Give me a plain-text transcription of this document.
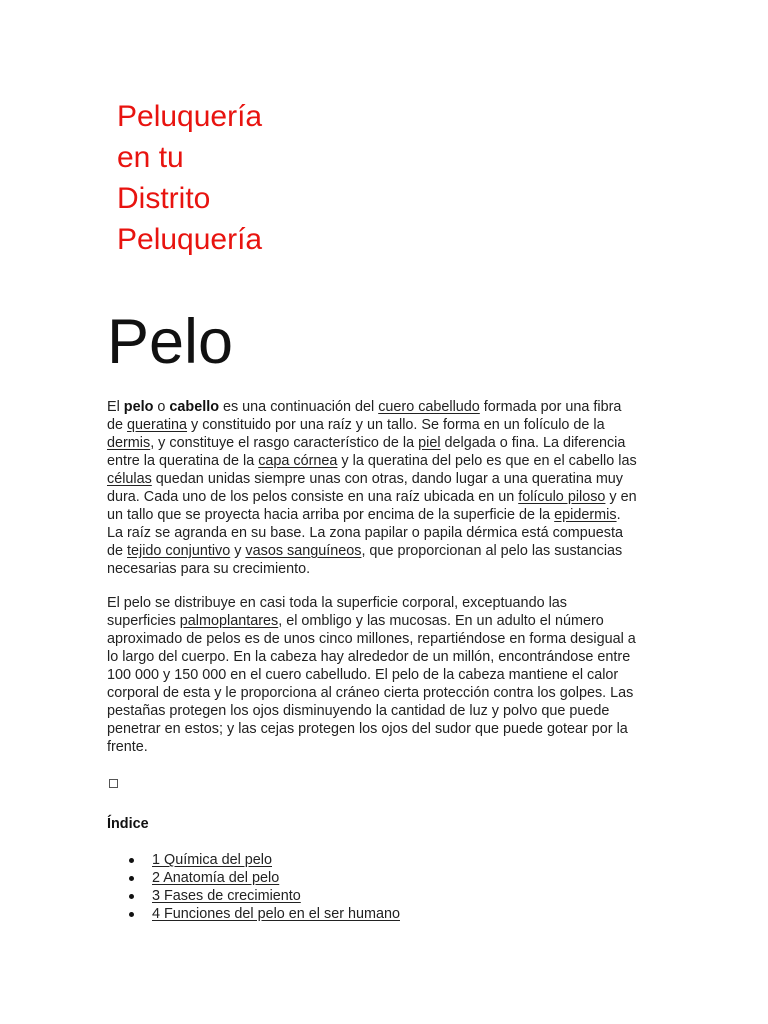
Peluquería
en tu
Distrito
Peluquería
Pelo
El pelo o cabello es una continuación del cuero cabelludo formada por una fibra
de queratina y constituido por una raíz y un tallo. Se forma en un folículo de la
dermis, y constituye el rasgo característico de la piel delgada o fina. La diferencia
entre la queratina de la capa córnea y la queratina del pelo es que en el cabello las
células quedan unidas siempre unas con otras, dando lugar a una queratina muy
dura. Cada uno de los pelos consiste en una raíz ubicada en un folículo piloso y en
un tallo que se proyecta hacia arriba por encima de la superficie de la epidermis.
La raíz se agranda en su base. La zona papilar o papila dérmica está compuesta
de tejido conjuntivo y vasos sanguíneos, que proporcionan al pelo las sustancias
necesarias para su crecimiento.
El pelo se distribuye en casi toda la superficie corporal, exceptuando las
superficies palmoplantares, el ombligo y las mucosas. En un adulto el número
aproximado de pelos es de unos cinco millones, repartiéndose en forma desigual a
lo largo del cuerpo. En la cabeza hay alrededor de un millón, encontrándose entre
100 000 y 150 000 en el cuero cabelludo. El pelo de la cabeza mantiene el calor
corporal de esta y le proporciona al cráneo cierta protección contra los golpes. Las
pestañas protegen los ojos disminuyendo la cantidad de luz y polvo que puede
penetrar en estos; y las cejas protegen los ojos del sudor que puede gotear por la
frente.
Índice
1 Química del pelo
2 Anatomía del pelo
3 Fases de crecimiento
4 Funciones del pelo en el ser humano
